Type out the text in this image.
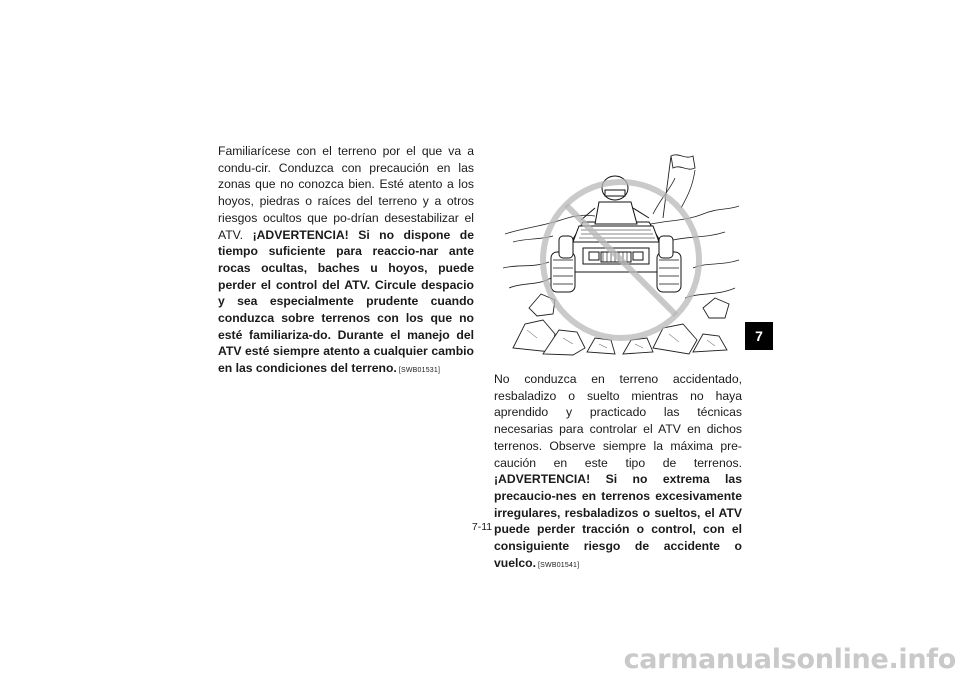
Familiarícese con el terreno por el que va a condu-cir. Conduzca con precaución en las zonas que no conozca bien. Esté atento a los hoyos, piedras o raíces del terreno y a otros riesgos ocultos que po-drían desestabilizar el ATV. ¡ADVERTENCIA! Si no dispone de tiempo suficiente para reaccio-nar ante rocas ocultas, baches u hoyos, puede perder el control del ATV. Circule despacio y sea especialmente prudente cuando conduzca sobre terrenos con los que no esté familiariza-do. Durante el manejo del ATV esté siempre atento a cualquier cambio en las condiciones del terreno. [SWB01531]
No conduzca en terreno accidentado, resbaladizo o suelto mientras no haya aprendido y practicado las técnicas necesarias para controlar el ATV en dichos terrenos. Observe siempre la máxima pre-caución en este tipo de terrenos. ¡ADVERTENCIA! Si no extrema las precaucio-nes en terrenos excesivamente irregulares, resbaladizos o sueltos, el ATV puede perder tracción o control, con el consiguiente riesgo de accidente o vuelco. [SWB01541]
7
7-11
carmanualsonline.info
